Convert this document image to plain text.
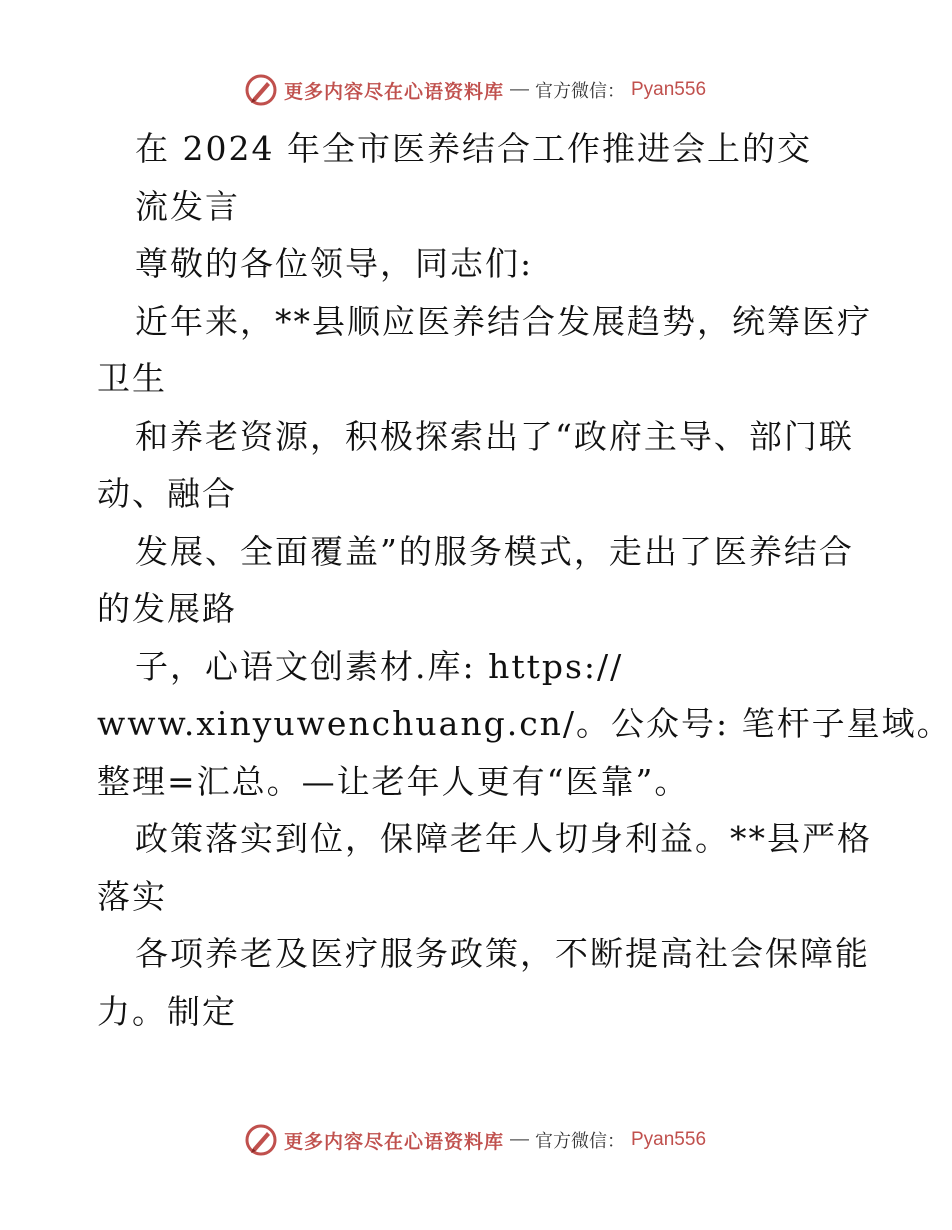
更多内容尽在心语资料库 — 官方微信： Pyan556
在 2024 年全市医养结合工作推进会上的交
流发言
尊敬的各位领导，同志们:
近年来，**县顺应医养结合发展趋势，统筹医疗
卫生
和养老资源，积极探索出了“政府主导、部门联
动、融合
发展、全面覆盖”的服务模式，走出了医养结合
的发展路
子，心语文创素材.库: https://
www.xinyuwenchuang.cn/。公众号: 笔杆子星域。
整理=汇总。—让老年人更有“医靠”。
政策落实到位，保障老年人切身利益。**县严格
落实
各项养老及医疗服务政策，不断提高社会保障能
力。制定
更多内容尽在心语资料库 — 官方微信： Pyan556
